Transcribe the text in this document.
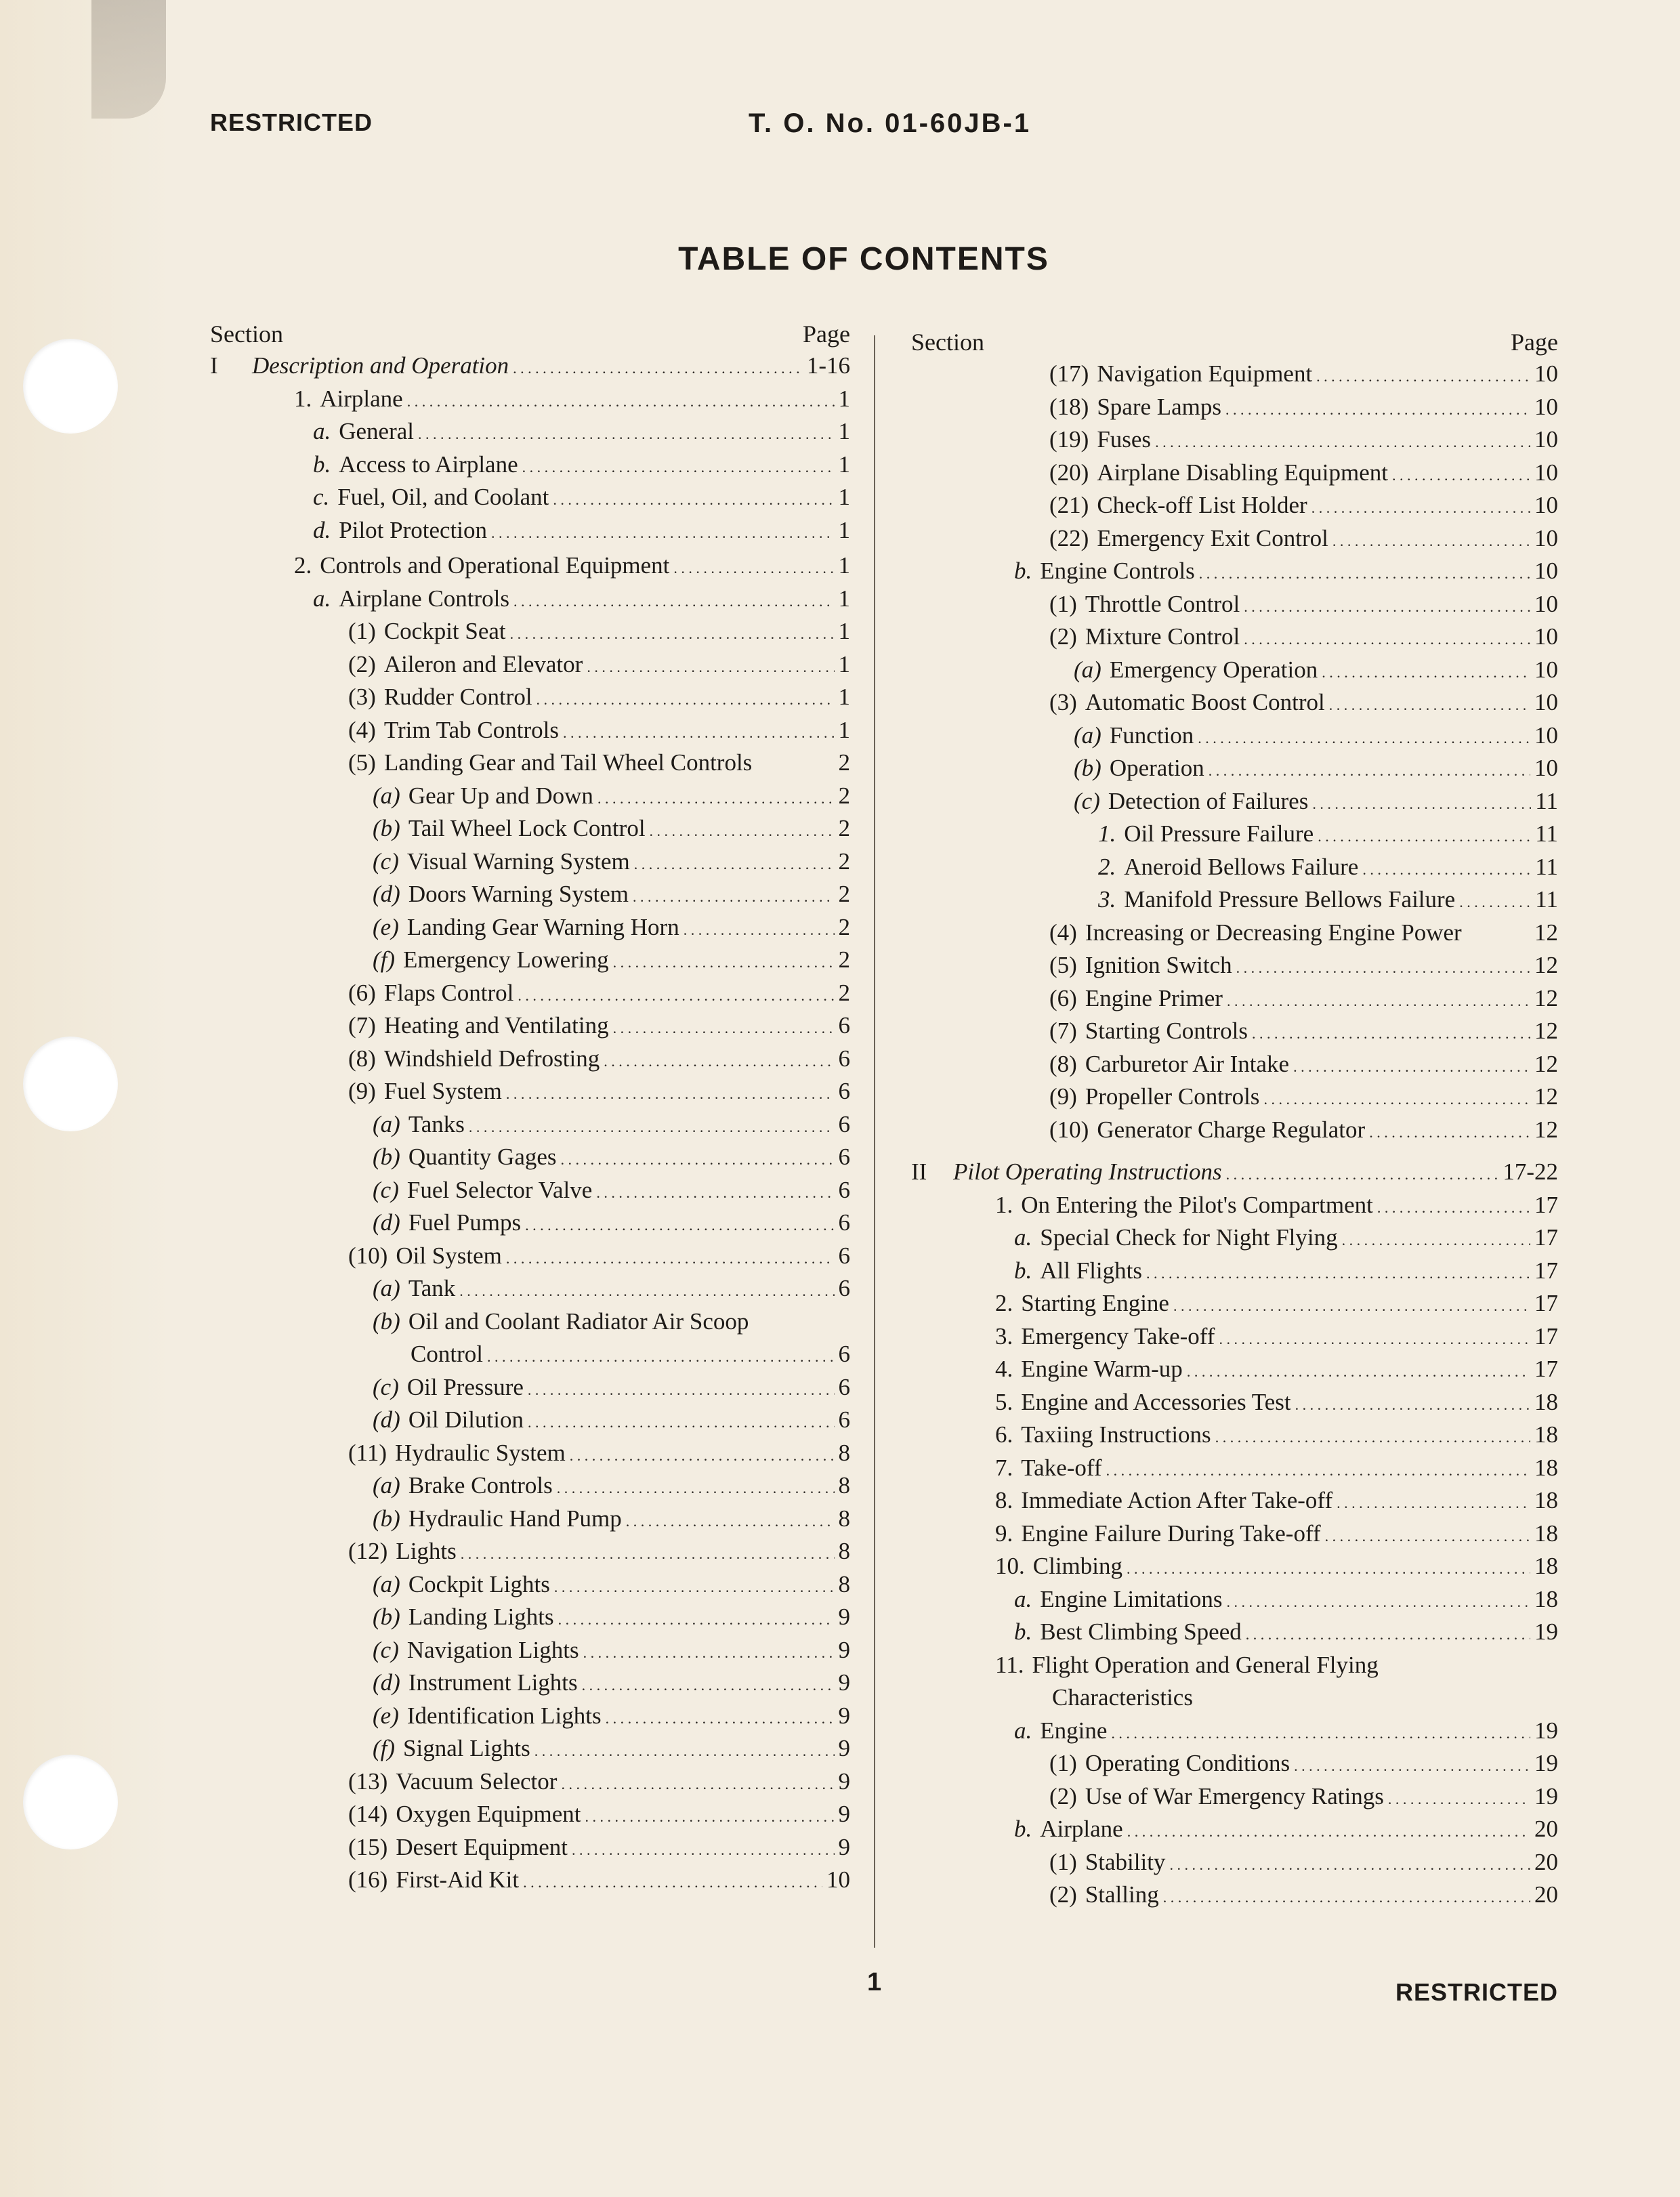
RESTRICTED	T. O. No. 01-60JB-1
TABLE OF CONTENTS
Section	Page
I	Description and Operation . . .	1-16
1. Airplane . . .	1
a. General . . .	1
b. Access to Airplane . . .	1
c. Fuel, Oil, and Coolant . . .	1
d. Pilot Protection . . .	1
2. Controls and Operational Equipment . . .	1
a. Airplane Controls . . .	1
(1) Cockpit Seat . . .	1
(2) Aileron and Elevator . . .	1
(3) Rudder Control . . .	1
(4) Trim Tab Controls . . .	1
(5) Landing Gear and Tail Wheel Controls	2
(a) Gear Up and Down . . .	2
(b) Tail Wheel Lock Control . . .	2
(c) Visual Warning System . . .	2
(d) Doors Warning System . . .	2
(e) Landing Gear Warning Horn . . .	2
(f) Emergency Lowering . . .	2
(6) Flaps Control . . .	2
(7) Heating and Ventilating . . .	6
(8) Windshield Defrosting . . .	6
(9) Fuel System . . .	6
(a) Tanks . . .	6
(b) Quantity Gages . . .	6
(c) Fuel Selector Valve . . .	6
(d) Fuel Pumps . . .	6
(10) Oil System . . .	6
(a) Tank . . .	6
(b) Oil and Coolant Radiator Air Scoop
Control . . .	6
(c) Oil Pressure . . .	6
(d) Oil Dilution . . .	6
(11) Hydraulic System . . .	8
(a) Brake Controls . . .	8
(b) Hydraulic Hand Pump . . .	8
(12) Lights . . .	8
(a) Cockpit Lights . . .	8
(b) Landing Lights . . .	9
(c) Navigation Lights . . .	9
(d) Instrument Lights . . .	9
(e) Identification Lights . . .	9
(f) Signal Lights . . .	9
(13) Vacuum Selector . . .	9
(14) Oxygen Equipment . . .	9
(15) Desert Equipment . . .	9
(16) First-Aid Kit . . .	10
Section	Page
(17) Navigation Equipment . . .	10
(18) Spare Lamps . . .	10
(19) Fuses . . .	10
(20) Airplane Disabling Equipment . . .	10
(21) Check-off List Holder . . .	10
(22) Emergency Exit Control . . .	10
b. Engine Controls . . .	10
(1) Throttle Control . . .	10
(2) Mixture Control . . .	10
(a) Emergency Operation . . .	10
(3) Automatic Boost Control . . .	10
(a) Function . . .	10
(b) Operation . . .	10
(c) Detection of Failures . . .	11
1. Oil Pressure Failure . . .	11
2. Aneroid Bellows Failure . . .	11
3. Manifold Pressure Bellows Failure . . .	11
(4) Increasing or Decreasing Engine Power	12
(5) Ignition Switch . . .	12
(6) Engine Primer . . .	12
(7) Starting Controls . . .	12
(8) Carburetor Air Intake . . .	12
(9) Propeller Controls . . .	12
(10) Generator Charge Regulator . . .	12
II	Pilot Operating Instructions . . .	17-22
1. On Entering the Pilot's Compartment . . .	17
a. Special Check for Night Flying . . .	17
b. All Flights . . .	17
2. Starting Engine . . .	17
3. Emergency Take-off . . .	17
4. Engine Warm-up . . .	17
5. Engine and Accessories Test . . .	18
6. Taxiing Instructions . . .	18
7. Take-off . . .	18
8. Immediate Action After Take-off . . .	18
9. Engine Failure During Take-off . . .	18
10. Climbing . . .	18
a. Engine Limitations . . .	18
b. Best Climbing Speed . . .	19
11. Flight Operation and General Flying
Characteristics
a. Engine . . .	19
(1) Operating Conditions . . .	19
(2) Use of War Emergency Ratings . . .	19
b. Airplane . . .	20
(1) Stability . . .	20
(2) Stalling . . .	20
1	RESTRICTED
